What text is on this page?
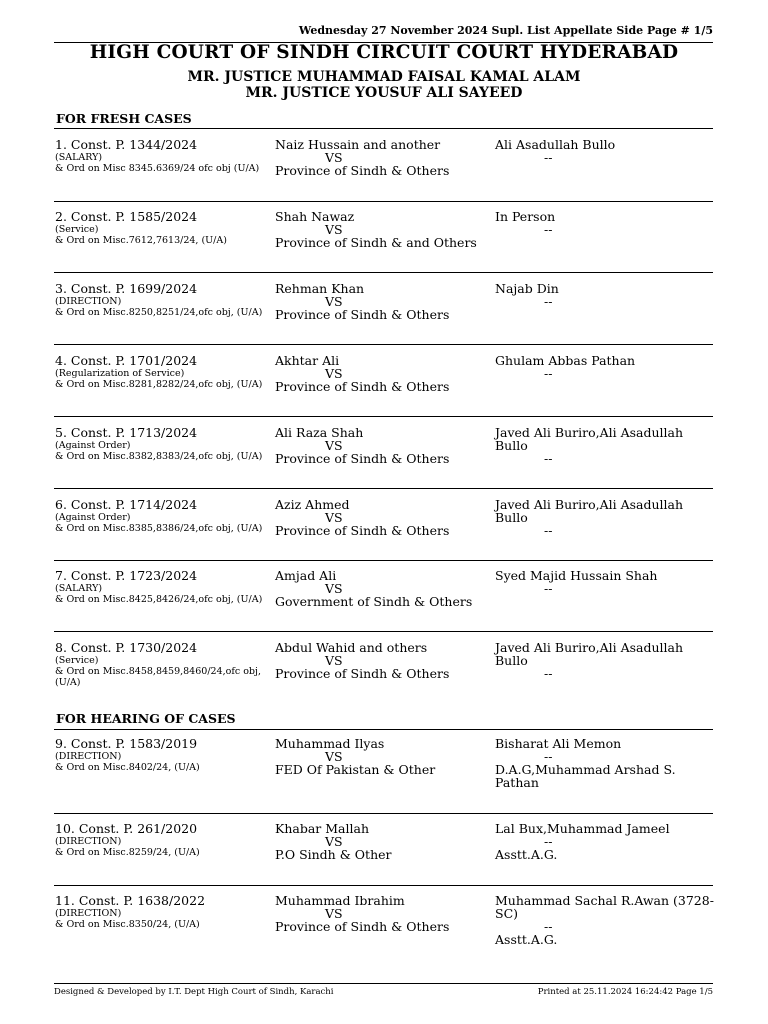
Wednesday 27 November 2024 Supl. List Appellate Side Page # 1/5
HIGH COURT OF SINDH CIRCUIT COURT HYDERABAD
MR. JUSTICE MUHAMMAD FAISAL KAMAL ALAM
MR. JUSTICE YOUSUF ALI SAYEED
FOR FRESH CASES
1. Const. P. 1344/2024
(SALARY)
& Ord on Misc 8345.6369/24 ofc obj (U/A)
Naiz Hussain and another
VS
Province of Sindh & Others
Ali Asadullah Bullo
--
2. Const. P. 1585/2024
(Service)
& Ord on Misc.7612,7613/24, (U/A)
Shah Nawaz
VS
Province of Sindh & and Others
In Person
--
3. Const. P. 1699/2024
(DIRECTION)
& Ord on Misc.8250,8251/24,ofc obj, (U/A)
Rehman Khan
VS
Province of Sindh & Others
Najab Din
--
4. Const. P. 1701/2024
(Regularization of Service)
& Ord on Misc.8281,8282/24,ofc obj, (U/A)
Akhtar Ali
VS
Province of Sindh & Others
Ghulam Abbas Pathan
--
5. Const. P. 1713/2024
(Against Order)
& Ord on Misc.8382,8383/24,ofc obj, (U/A)
Ali Raza Shah
VS
Province of Sindh & Others
Javed Ali Buriro,Ali Asadullah Bullo
--
6. Const. P. 1714/2024
(Against Order)
& Ord on Misc.8385,8386/24,ofc obj, (U/A)
Aziz Ahmed
VS
Province of Sindh & Others
Javed Ali Buriro,Ali Asadullah Bullo
--
7. Const. P. 1723/2024
(SALARY)
& Ord on Misc.8425,8426/24,ofc obj, (U/A)
Amjad Ali
VS
Government of Sindh & Others
Syed Majid Hussain Shah
--
8. Const. P. 1730/2024
(Service)
& Ord on Misc.8458,8459,8460/24,ofc obj, (U/A)
Abdul Wahid and others
VS
Province of Sindh & Others
Javed Ali Buriro,Ali Asadullah Bullo
--
FOR HEARING OF CASES
9. Const. P. 1583/2019
(DIRECTION)
& Ord on Misc.8402/24, (U/A)
Muhammad Ilyas
VS
FED Of Pakistan & Other
Bisharat Ali Memon
--
D.A.G,Muhammad Arshad S. Pathan
10. Const. P. 261/2020
(DIRECTION)
& Ord on Misc.8259/24, (U/A)
Khabar Mallah
VS
P.O Sindh & Other
Lal Bux,Muhammad Jameel
--
Asstt.A.G.
11. Const. P. 1638/2022
(DIRECTION)
& Ord on Misc.8350/24, (U/A)
Muhammad Ibrahim
VS
Province of Sindh & Others
Muhammad Sachal R.Awan (3728-SC)
--
Asstt.A.G.
Designed & Developed by I.T. Dept High Court of Sindh, Karachi	Printed at 25.11.2024 16:24:42 Page 1/5
